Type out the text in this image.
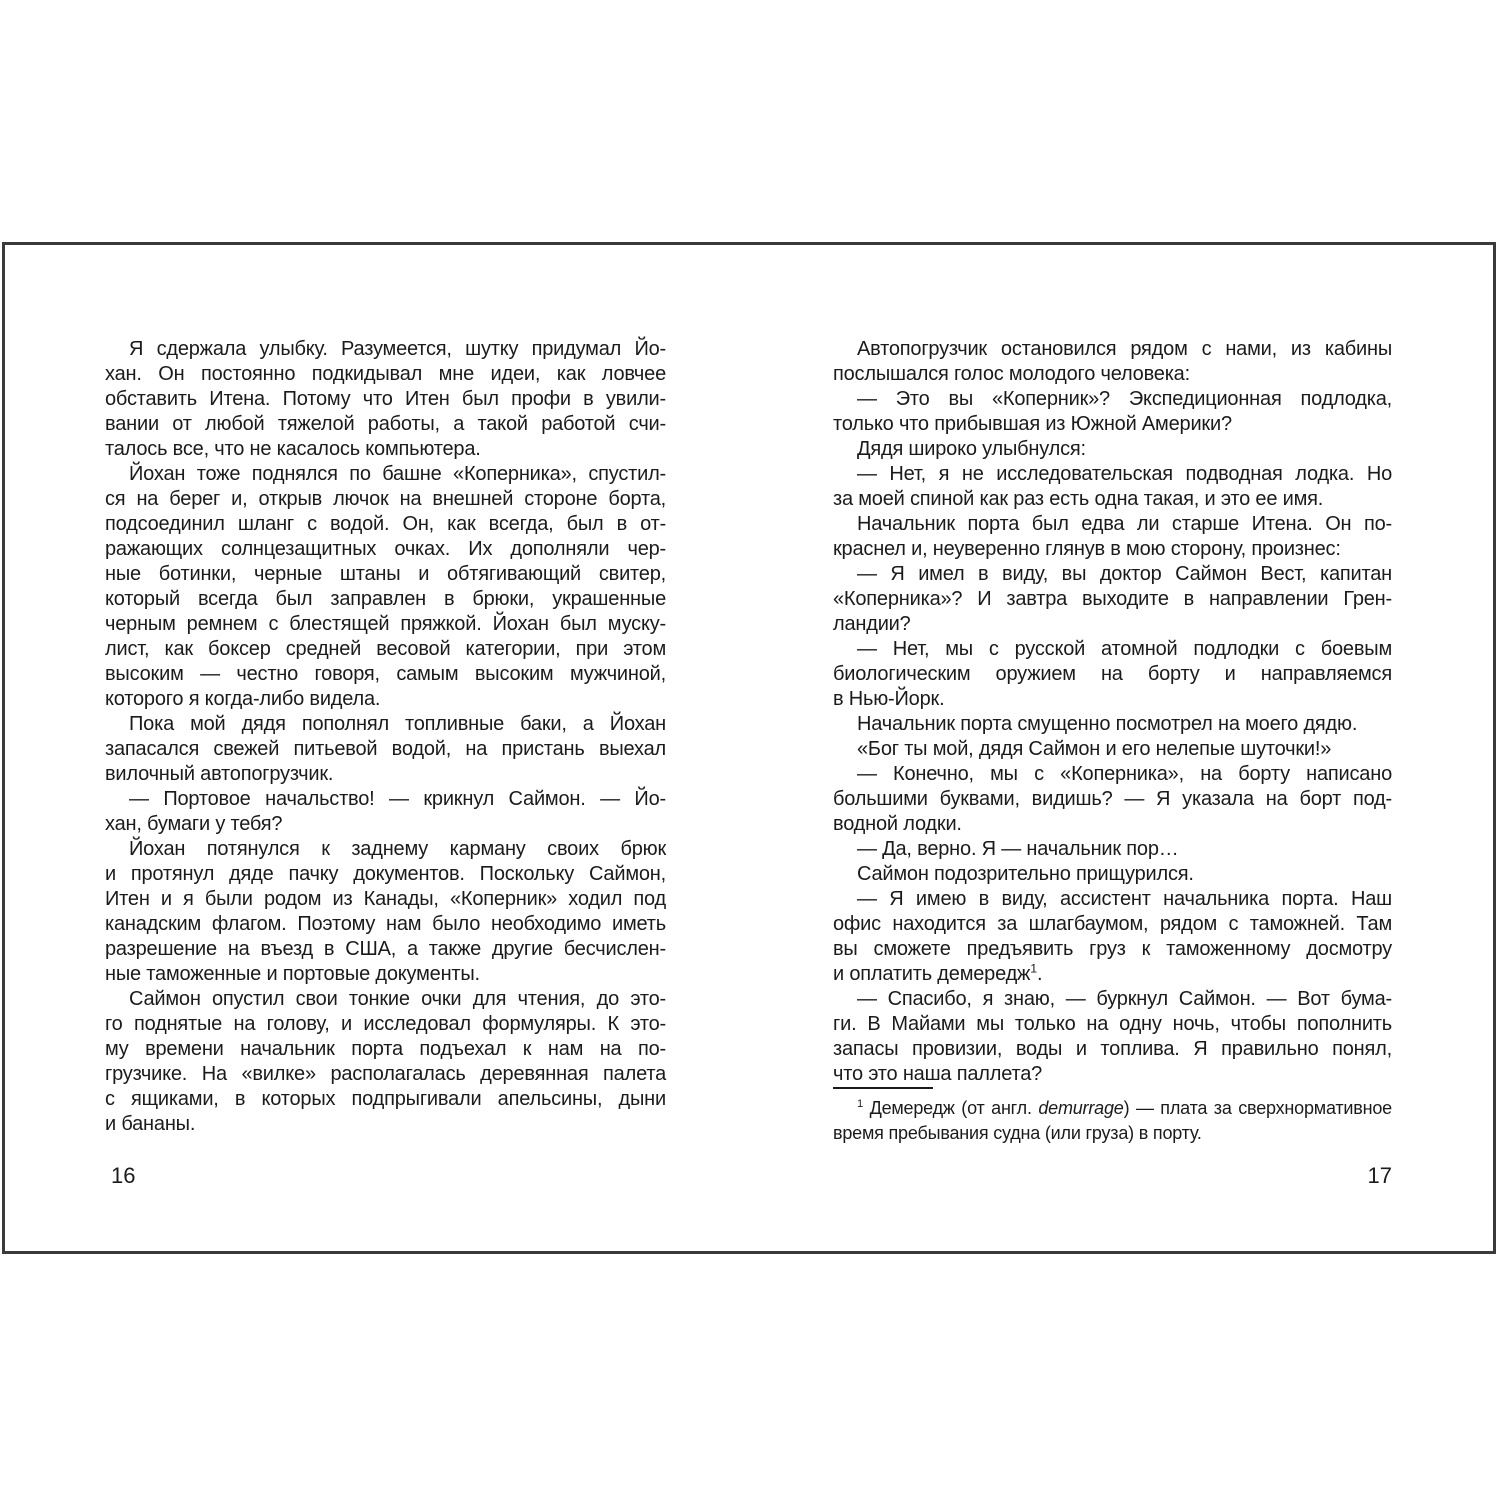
Я сдержала улыбку. Разумеется, шутку придумал Йо-
хан. Он постоянно подкидывал мне идеи, как ловчее
обставить Итена. Потому что Итен был профи в увили-
вании от любой тяжелой работы, а такой работой счи-
талось все, что не касалось компьютера.
Йохан тоже поднялся по башне «Коперника», спустил-
ся на берег и, открыв лючок на внешней стороне борта,
подсоединил шланг с водой. Он, как всегда, был в от-
ражающих солнцезащитных очках. Их дополняли чер-
ные ботинки, черные штаны и обтягивающий свитер,
который всегда был заправлен в брюки, украшенные
черным ремнем с блестящей пряжкой. Йохан был муску-
лист, как боксер средней весовой категории, при этом
высоким — честно говоря, самым высоким мужчиной,
которого я когда-либо видела.
Пока мой дядя пополнял топливные баки, а Йохан
запасался свежей питьевой водой, на пристань выехал
вилочный автопогрузчик.
— Портовое начальство! — крикнул Саймон. — Йо-
хан, бумаги у тебя?
Йохан потянулся к заднему карману своих брюк
и протянул дяде пачку документов. Поскольку Саймон,
Итен и я были родом из Канады, «Коперник» ходил под
канадским флагом. Поэтому нам было необходимо иметь
разрешение на въезд в США, а также другие бесчислен-
ные таможенные и портовые документы.
Саймон опустил свои тонкие очки для чтения, до это-
го поднятые на голову, и исследовал формуляры. К это-
му времени начальник порта подъехал к нам на по-
грузчике. На «вилке» располагалась деревянная палета
с ящиками, в которых подпрыгивали апельсины, дыни
и бананы.
Автопогрузчик остановился рядом с нами, из кабины
послышался голос молодого человека:
— Это вы «Коперник»? Экспедиционная подлодка,
только что прибывшая из Южной Америки?
Дядя широко улыбнулся:
— Нет, я не исследовательская подводная лодка. Но
за моей спиной как раз есть одна такая, и это ее имя.
Начальник порта был едва ли старше Итена. Он по-
краснел и, неуверенно глянув в мою сторону, произнес:
— Я имел в виду, вы доктор Саймон Вест, капитан
«Коперника»? И завтра выходите в направлении Грен-
ландии?
— Нет, мы с русской атомной подлодки с боевым
биологическим оружием на борту и направляемся
в Нью-Йорк.
Начальник порта смущенно посмотрел на моего дядю.
«Бог ты мой, дядя Саймон и его нелепые шуточки!»
— Конечно, мы с «Коперника», на борту написано
большими буквами, видишь? — Я указала на борт под-
водной лодки.
— Да, верно. Я — начальник пор…
Саймон подозрительно прищурился.
— Я имею в виду, ассистент начальника порта. Наш
офис находится за шлагбаумом, рядом с таможней. Там
вы сможете предъявить груз к таможенному досмотру
и оплатить демередж$^1$.
— Спасибо, я знаю, — буркнул Саймон. — Вот бума-
ги. В Майами мы только на одну ночь, чтобы пополнить
запасы провизии, воды и топлива. Я правильно понял,
что это наша паллета?
$^1$ Демередж (от англ. demurrage) — плата за сверхнормативное
время пребывания судна (или груза) в порту.
16	17
